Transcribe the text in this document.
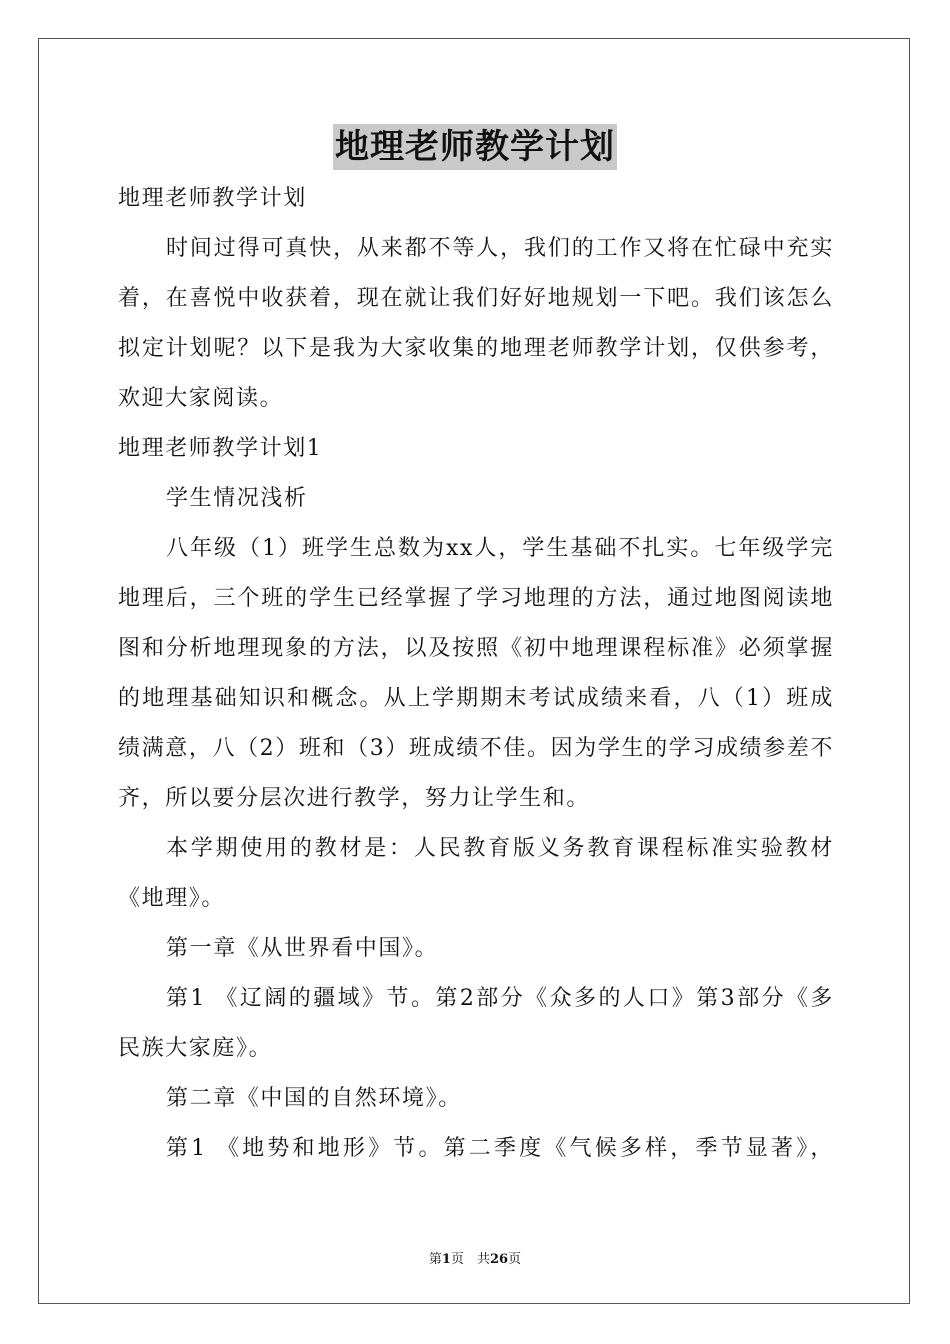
地理老师教学计划
地理老师教学计划
时间过得可真快，从来都不等人，我们的工作又将在忙碌中充实
着，在喜悦中收获着，现在就让我们好好地规划一下吧。我们该怎么
拟定计划呢？以下是我为大家收集的地理老师教学计划，仅供参考，
欢迎大家阅读。
地理老师教学计划1
学生情况浅析
八年级（1）班学生总数为xx人，学生基础不扎实。七年级学完
地理后，三个班的学生已经掌握了学习地理的方法，通过地图阅读地
图和分析地理现象的方法，以及按照《初中地理课程标准》必须掌握
的地理基础知识和概念。从上学期期末考试成绩来看，八（1）班成
绩满意，八（2）班和（3）班成绩不佳。因为学生的学习成绩参差不
齐，所以要分层次进行教学，努力让学生和。
本学期使用的教材是：人民教育版义务教育课程标准实验教材
《地理》。
第一章《从世界看中国》。
第1 《辽阔的疆域》节。第2部分《众多的人口》第3部分《多
民族大家庭》。
第二章《中国的自然环境》。
第1 《地势和地形》节。第二季度《气候多样，季节显著》，
第1页　共26页
